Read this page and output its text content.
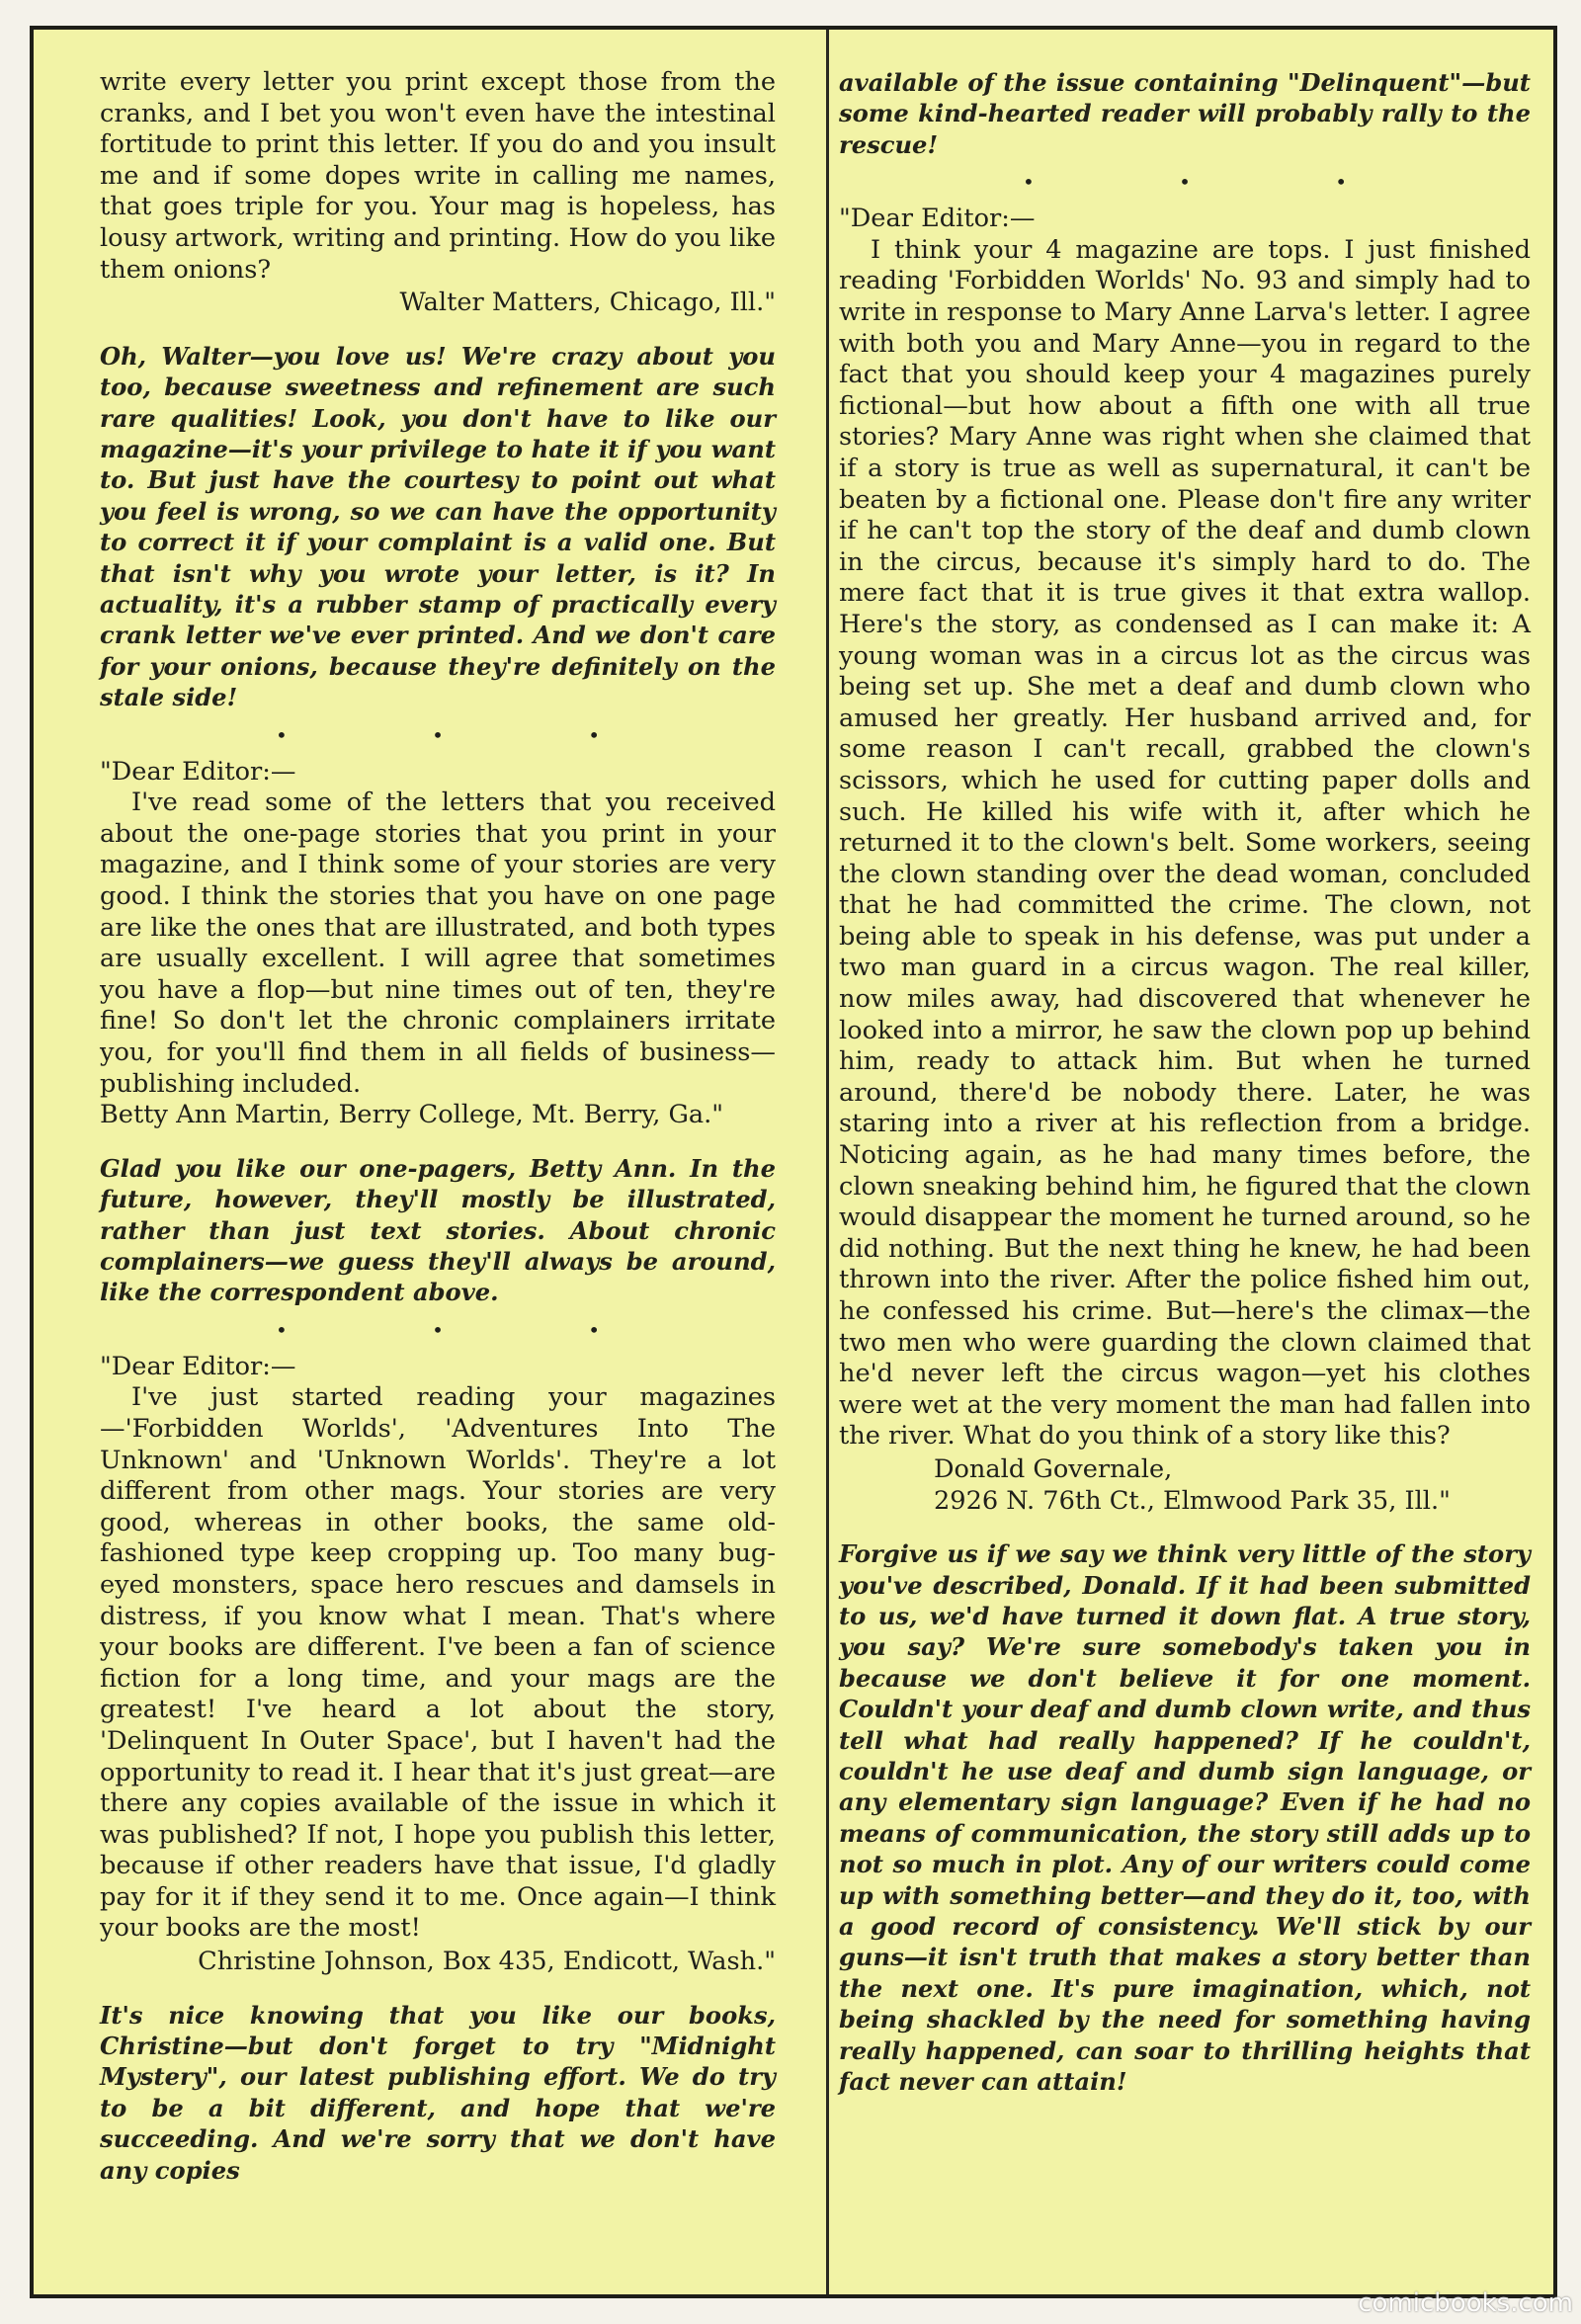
write every letter you print except those from the cranks, and I bet you won't even have the intestinal fortitude to print this letter. If you do and you insult me and if some dopes write in calling me names, that goes triple for you. Your mag is hopeless, has lousy artwork, writing and printing. How do you like them onions?

Walter Matters, Chicago, Ill."

Oh, Walter—you love us! We're crazy about you too, because sweetness and refinement are such rare qualities! Look, you don't have to like our magazine—it's your privilege to hate it if you want to. But just have the courtesy to point out what you feel is wrong, so we can have the opportunity to correct it if your complaint is a valid one. But that isn't why you wrote your letter, is it? In actuality, it's a rubber stamp of practically every crank letter we've ever printed. And we don't care for your onions, because they're definitely on the stale side!

• • •

"Dear Editor:—

I've read some of the letters that you received about the one-page stories that you print in your magazine, and I think some of your stories are very good. I think the stories that you have on one page are like the ones that are illustrated, and both types are usually excellent. I will agree that sometimes you have a flop—but nine times out of ten, they're fine! So don't let the chronic complainers irritate you, for you'll find them in all fields of business—publishing included.

Betty Ann Martin, Berry College, Mt. Berry, Ga."

Glad you like our one-pagers, Betty Ann. In the future, however, they'll mostly be illustrated, rather than just text stories. About chronic complainers—we guess they'll always be around, like the correspondent above.

• • •

"Dear Editor:—

I've just started reading your magazines—'Forbidden Worlds', 'Adventures Into The Unknown' and 'Unknown Worlds'. They're a lot different from other mags. Your stories are very good, whereas in other books, the same old-fashioned type keep cropping up. Too many bug-eyed monsters, space hero rescues and damsels in distress, if you know what I mean. That's where your books are different. I've been a fan of science fiction for a long time, and your mags are the greatest! I've heard a lot about the story, 'Delinquent In Outer Space', but I haven't had the opportunity to read it. I hear that it's just great—are there any copies available of the issue in which it was published? If not, I hope you publish this letter, because if other readers have that issue, I'd gladly pay for it if they send it to me. Once again—I think your books are the most!

Christine Johnson, Box 435, Endicott, Wash."

It's nice knowing that you like our books, Christine—but don't forget to try "Midnight Mystery", our latest publishing effort. We do try to be a bit different, and hope that we're succeeding. And we're sorry that we don't have any copies

available of the issue containing "Delinquent"—but some kind-hearted reader will probably rally to the rescue!

• • •

"Dear Editor:—

I think your 4 magazine are tops. I just finished reading 'Forbidden Worlds' No. 93 and simply had to write in response to Mary Anne Larva's letter. I agree with both you and Mary Anne—you in regard to the fact that you should keep your 4 magazines purely fictional—but how about a fifth one with all true stories? Mary Anne was right when she claimed that if a story is true as well as supernatural, it can't be beaten by a fictional one. Please don't fire any writer if he can't top the story of the deaf and dumb clown in the circus, because it's simply hard to do. The mere fact that it is true gives it that extra wallop. Here's the story, as condensed as I can make it: A young woman was in a circus lot as the circus was being set up. She met a deaf and dumb clown who amused her greatly. Her husband arrived and, for some reason I can't recall, grabbed the clown's scissors, which he used for cutting paper dolls and such. He killed his wife with it, after which he returned it to the clown's belt. Some workers, seeing the clown standing over the dead woman, concluded that he had committed the crime. The clown, not being able to speak in his defense, was put under a two man guard in a circus wagon. The real killer, now miles away, had discovered that whenever he looked into a mirror, he saw the clown pop up behind him, ready to attack him. But when he turned around, there'd be nobody there. Later, he was staring into a river at his reflection from a bridge. Noticing again, as he had many times before, the clown sneaking behind him, he figured that the clown would disappear the moment he turned around, so he did nothing. But the next thing he knew, he had been thrown into the river. After the police fished him out, he confessed his crime. But—here's the climax—the two men who were guarding the clown claimed that he'd never left the circus wagon—yet his clothes were wet at the very moment the man had fallen into the river. What do you think of a story like this?

Donald Governale,
2926 N. 76th Ct., Elmwood Park 35, Ill."

Forgive us if we say we think very little of the story you've described, Donald. If it had been submitted to us, we'd have turned it down flat. A true story, you say? We're sure somebody's taken you in because we don't believe it for one moment. Couldn't your deaf and dumb clown write, and thus tell what had really happened? If he couldn't, couldn't he use deaf and dumb sign language, or any elementary sign language? Even if he had no means of communication, the story still adds up to not so much in plot. Any of our writers could come up with something better—and they do it, too, with a good record of consistency. We'll stick by our guns—it isn't truth that makes a story better than the next one. It's pure imagination, which, not being shackled by the need for something having really happened, can soar to thrilling heights that fact never can attain!

comicbooks.com
